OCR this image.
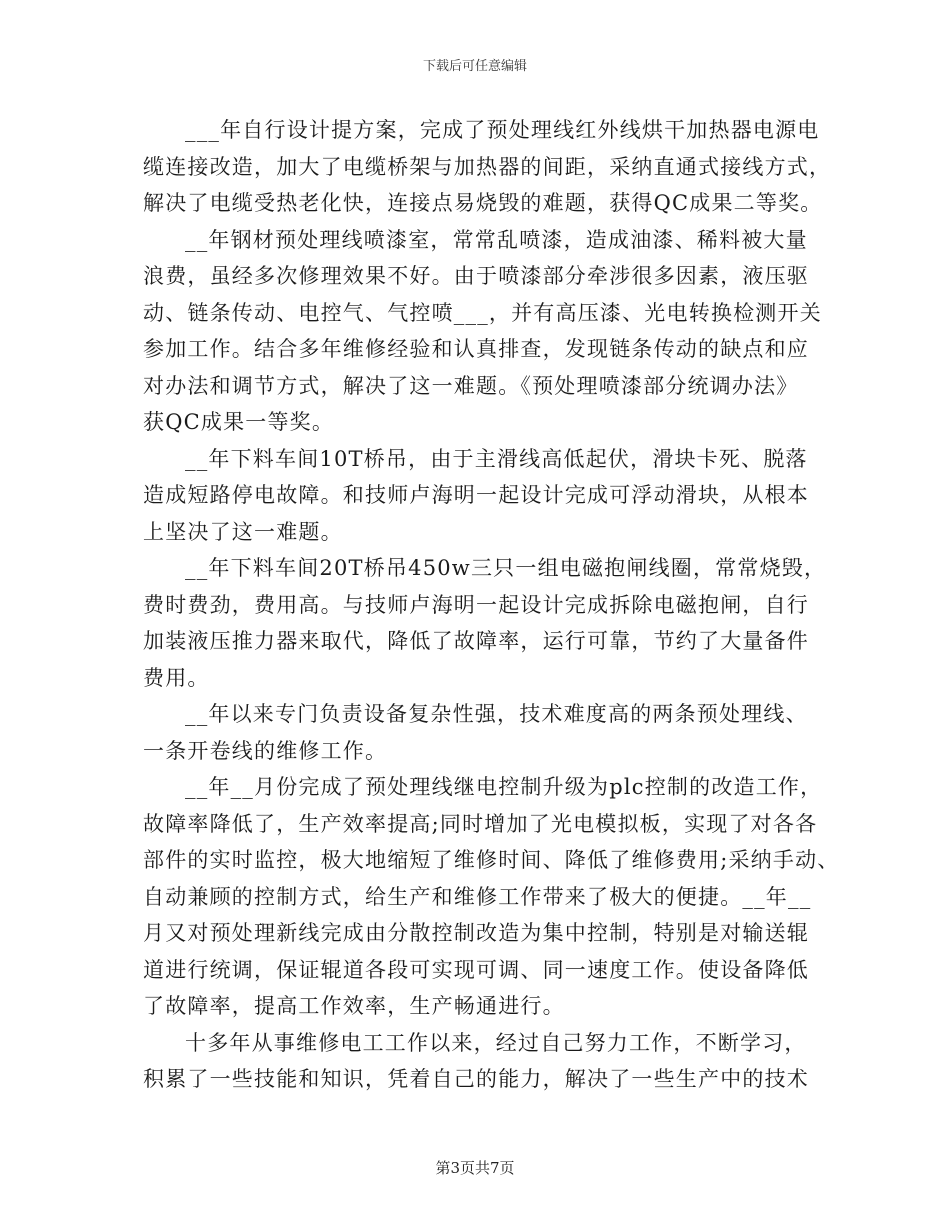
下载后可任意编辑
___年自行设计提方案，完成了预处理线红外线烘干加热器电源电
缆连接改造，加大了电缆桥架与加热器的间距，采纳直通式接线方式，
解决了电缆受热老化快，连接点易烧毁的难题，获得QC成果二等奖。
__年钢材预处理线喷漆室，常常乱喷漆，造成油漆、稀料被大量
浪费，虽经多次修理效果不好。由于喷漆部分牵涉很多因素，液压驱
动、链条传动、电控气、气控喷___，并有高压漆、光电转换检测开关
参加工作。结合多年维修经验和认真排查，发现链条传动的缺点和应
对办法和调节方式，解决了这一难题。《预处理喷漆部分统调办法》
获QC成果一等奖。
__年下料车间10T桥吊，由于主滑线高低起伏，滑块卡死、脱落
造成短路停电故障。和技师卢海明一起设计完成可浮动滑块，从根本
上坚决了这一难题。
__年下料车间20T桥吊450w三只一组电磁抱闸线圈，常常烧毁，
费时费劲，费用高。与技师卢海明一起设计完成拆除电磁抱闸，自行
加装液压推力器来取代，降低了故障率，运行可靠，节约了大量备件
费用。
__年以来专门负责设备复杂性强，技术难度高的两条预处理线、
一条开卷线的维修工作。
__年__月份完成了预处理线继电控制升级为plc控制的改造工作，
故障率降低了，生产效率提高;同时增加了光电模拟板，实现了对各各
部件的实时监控，极大地缩短了维修时间、降低了维修费用;采纳手动、
自动兼顾的控制方式，给生产和维修工作带来了极大的便捷。__年__
月又对预处理新线完成由分散控制改造为集中控制，特别是对输送辊
道进行统调，保证辊道各段可实现可调、同一速度工作。使设备降低
了故障率，提高工作效率，生产畅通进行。
十多年从事维修电工工作以来，经过自己努力工作，不断学习，
积累了一些技能和知识，凭着自己的能力，解决了一些生产中的技术
第3页共7页
